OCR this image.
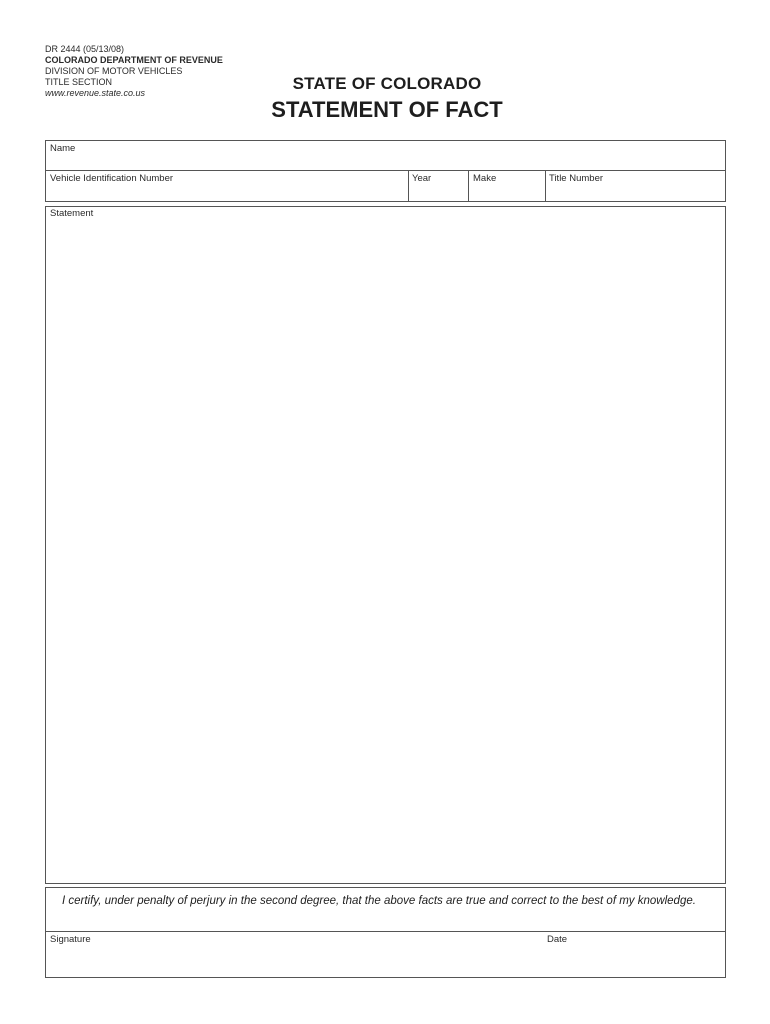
DR 2444 (05/13/08)
COLORADO DEPARTMENT OF REVENUE
DIVISION OF MOTOR VEHICLES
TITLE SECTION
www.revenue.state.co.us	STATE OF COLORADO
STATEMENT OF FACT
Name
Vehicle Identification Number	Year	Make	Title Number
Statement
I certify, under penalty of perjury in the second degree, that the above facts are true and correct to the best of my knowledge.
Signature	Date
